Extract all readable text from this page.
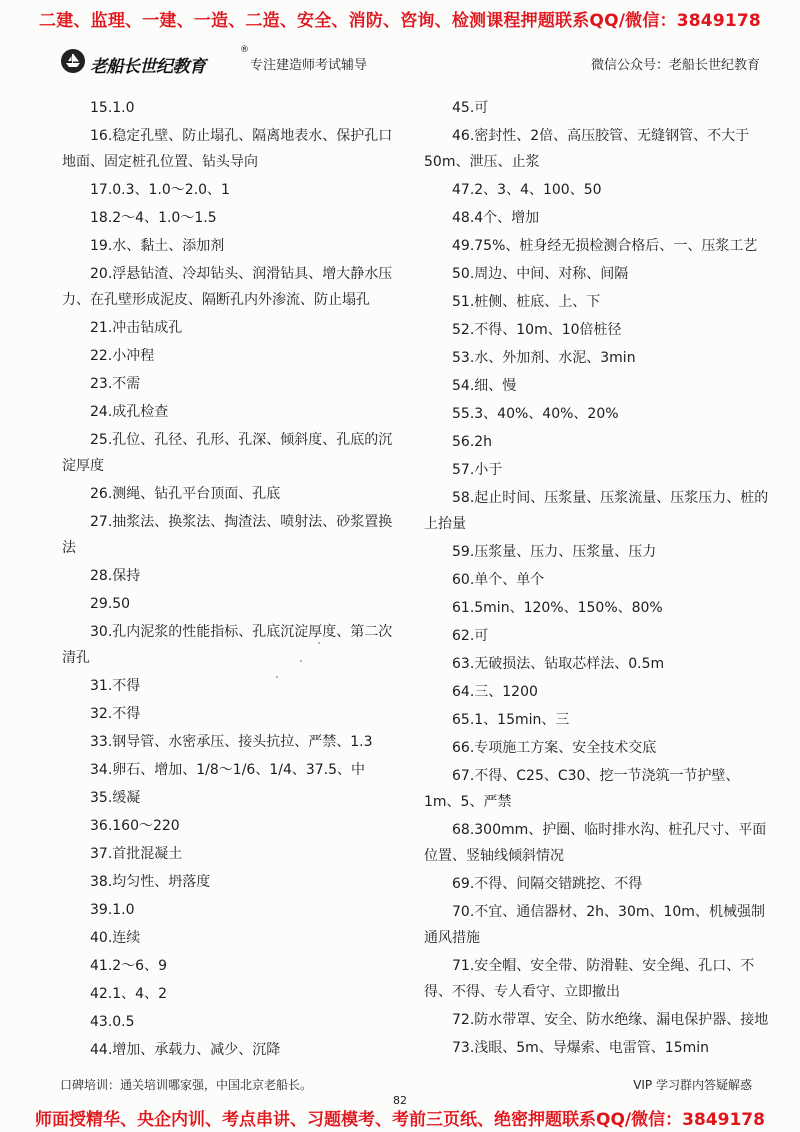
二建、监理、一建、一造、二造、安全、消防、咨询、检测课程押题联系QQ/微信：3849178
老船长世纪教育
®
专注建造师考试辅导	微信公众号：老船长世纪教育
15.1.0
16.稳定孔壁、防止塌孔、隔离地表水、保护孔口地面、固定桩孔位置、钻头导向
17.0.3、1.0～2.0、1
18.2～4、1.0～1.5
19.水、黏土、添加剂
20.浮悬钻渣、冷却钻头、润滑钻具、增大静水压力、在孔壁形成泥皮、隔断孔内外渗流、防止塌孔
21.冲击钻成孔
22.小冲程
23.不需
24.成孔检查
25.孔位、孔径、孔形、孔深、倾斜度、孔底的沉淀厚度
26.测绳、钻孔平台顶面、孔底
27.抽浆法、换浆法、掏渣法、喷射法、砂浆置换法
28.保持
29.50
30.孔内泥浆的性能指标、孔底沉淀厚度、第二次清孔
31.不得
32.不得
33.钢导管、水密承压、接头抗拉、严禁、1.3
34.卵石、增加、1/8～1/6、1/4、37.5、中
35.缓凝
36.160～220
37.首批混凝土
38.均匀性、坍落度
39.1.0
40.连续
41.2～6、9
42.1、4、2
43.0.5
44.增加、承载力、减少、沉降
45.可
46.密封性、2倍、高压胶管、无缝钢管、不大于50m、泄压、止浆
47.2、3、4、100、50
48.4个、增加
49.75%、桩身经无损检测合格后、一、压浆工艺
50.周边、中间、对称、间隔
51.桩侧、桩底、上、下
52.不得、10m、10倍桩径
53.水、外加剂、水泥、3min
54.细、慢
55.3、40%、40%、20%
56.2h
57.小于
58.起止时间、压浆量、压浆流量、压浆压力、桩的上抬量
59.压浆量、压力、压浆量、压力
60.单个、单个
61.5min、120%、150%、80%
62.可
63.无破损法、钻取芯样法、0.5m
64.三、1200
65.1、15min、三
66.专项施工方案、安全技术交底
67.不得、C25、C30、挖一节浇筑一节护壁、1m、5、严禁
68.300mm、护圈、临时排水沟、桩孔尺寸、平面位置、竖轴线倾斜情况
69.不得、间隔交错跳挖、不得
70.不宜、通信器材、2h、30m、10m、机械强制通风措施
71.安全帽、安全带、防滑鞋、安全绳、孔口、不得、不得、专人看守、立即撤出
72.防水带罩、安全、防水绝缘、漏电保护器、接地
73.浅眼、5m、导爆索、电雷管、15min
口碑培训：通关培训哪家强，中国北京老船长。	VIP 学习群内答疑解惑
82
师面授精华、央企内训、考点串讲、习题模考、考前三页纸、绝密押题联系QQ/微信：3849178
